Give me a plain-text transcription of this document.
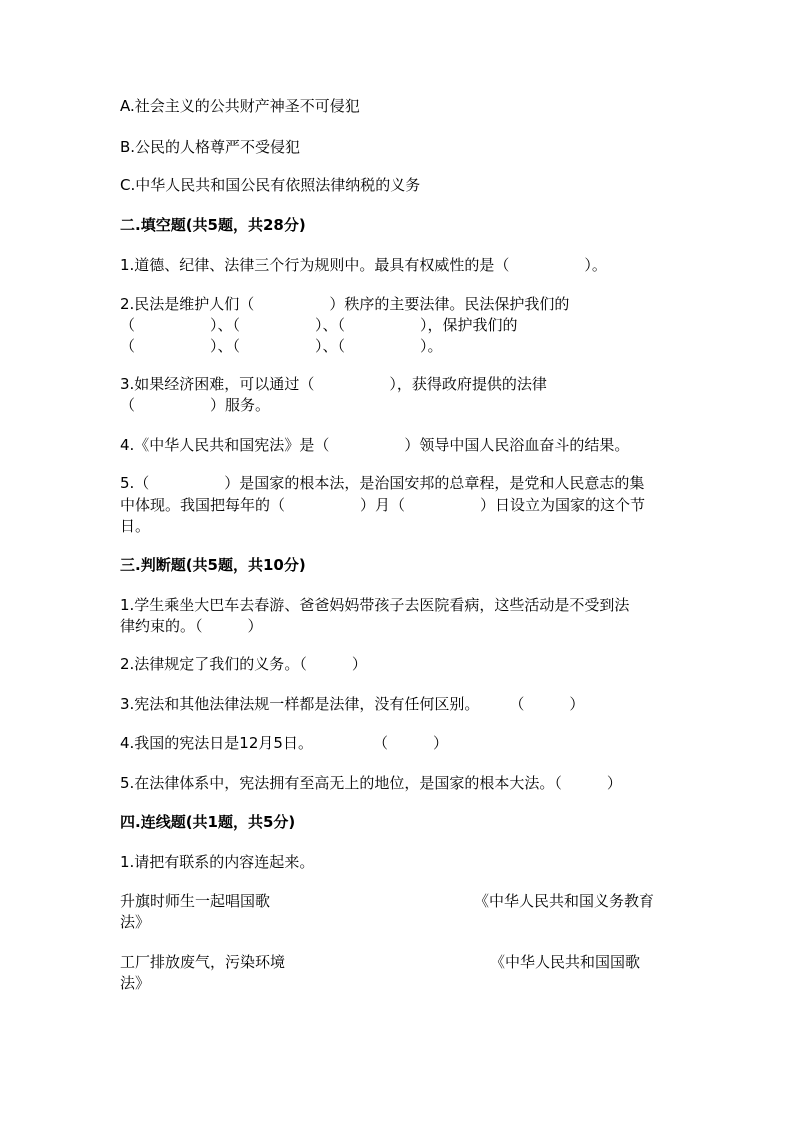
A.社会主义的公共财产神圣不可侵犯
B.公民的人格尊严不受侵犯
C.中华人民共和国公民有依照法律纳税的义务
二.填空题(共5题，共28分)
1.道德、纪律、法律三个行为规则中。最具有权威性的是（　　　　　）。
2.民法是维护人们（　　　　　）秩序的主要法律。民法保护我们的
（　　　　　）、（　　　　　）、（　　　　　），保护我们的
（　　　　　）、（　　　　　）、（　　　　　）。
3.如果经济困难，可以通过（　　　　　），获得政府提供的法律
（　　　　　）服务。
4.《中华人民共和国宪法》是（　　　　　）领导中国人民浴血奋斗的结果。
5.（　　　　　）是国家的根本法，是治国安邦的总章程，是党和人民意志的集
中体现。我国把每年的（　　　　　）月（　　　　　）日设立为国家的这个节
日。
三.判断题(共5题，共10分)
1.学生乘坐大巴车去春游、爸爸妈妈带孩子去医院看病，这些活动是不受到法
律约束的。（　　　）
2.法律规定了我们的义务。（　　　）
3.宪法和其他法律法规一样都是法律，没有任何区别。　　　（　　　）
4.我国的宪法日是12月5日。　　　　　（　　　）
5.在法律体系中，宪法拥有至高无上的地位，是国家的根本大法。（　　　）
四.连线题(共1题，共5分)
1.请把有联系的内容连起来。
升旗时师生一起唱国歌	《中华人民共和国义务教育
法》
工厂排放废气，污染环境	《中华人民共和国国歌
法》
